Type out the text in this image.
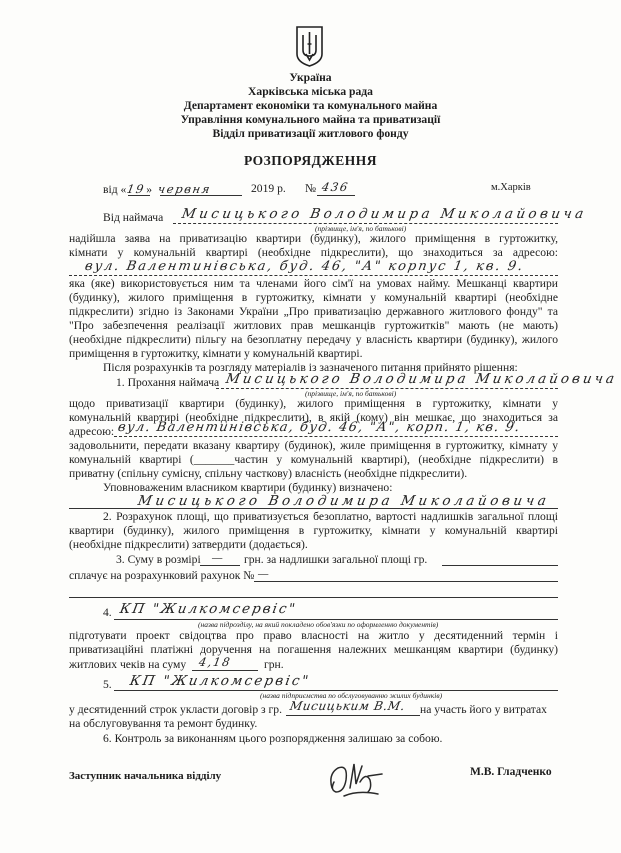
Україна
Харківська міська рада
Департамент економіки та комунального майна
Управління комунального майна та приватизації
Відділ приватизації житлового фонду
РОЗПОРЯДЖЕННЯ
від «19» червня	2019 р. № 436	м.Харків
Від наймача Мисицького Володимира Миколайовича
(прізвище, ім'я, по батькові)
надійшла заява на приватизацію квартири (будинку), жилого приміщення в гуртожитку,
кімнати у комунальній квартирі (необхідне підкреслити), що знаходиться за адресою:
вул. Валентинівська, буд. 46, "А" корпус 1, кв. 9.
яка (яке) використовується ним та членами його сім'ї на умовах найму. Мешканці квартири
(будинку), жилого приміщення в гуртожитку, кімнати у комунальній квартирі (необхідне
підкреслити) згідно із Законами України „Про приватизацію державного житлового фонду" та
"Про забезпечення реалізації житлових прав мешканців гуртожитків" мають (не мають)
(необхідне підкреслити) пільгу на безоплатну передачу у власність квартири (будинку), жилого
приміщення в гуртожитку, кімнати у комунальній квартирі.
Після розрахунків та розгляду матеріалів із зазначеного питання прийнято рішення:
1. Прохання наймача Мисицького Володимира Миколайовича
(прізвище, ім'я, по батькові)
щодо приватизації квартири (будинку), жилого приміщення в гуртожитку, кімнати у
комунальній квартирі (необхідне підкреслити), в якій (кому) він мешкає, що знаходиться за
адресою: вул. Валентинівська, буд. 46, "А", корп. 1, кв. 9.
задовольнити, передати вказану квартиру (будинок), жиле приміщення в гуртожитку, кімнату у
комунальній квартирі (_______частин у комунальній квартирі), (необхідне підкреслити) в
приватну (спільну сумісну, спільну часткову) власність (необхідне підкреслити).
Уповноваженим власником квартири (будинку) визначено:
Мисицького Володимира Миколайовича
2. Розрахунок площі, що приватизується безоплатно, вартості надлишків загальної площі
квартири (будинку), жилого приміщення в гуртожитку, кімнати у комунальній квартирі
(необхідне підкреслити) затвердити (додається).
3. Суму в розмірі — грн. за надлишки загальної площі гр.
сплачує на розрахунковий рахунок № —
4. КП "Жилкомсервіс"
(назва підрозділу, на який покладено обов'язки по оформленню документів)
підготувати проект свідоцтва про право власності на житло у десятиденний термін і
приватизаційні платіжні доручення на погашення належних мешканцям квартири (будинку)
житлових чеків на суму 4,18	грн.
5. КП "Жилкомсервіс"
(назва підприємства по обслуговуванню жилих будинків)
у десятиденний строк укласти договір з гр. Мисицьким В.М. на участь його у витратах
на обслуговування та ремонт будинку.
6. Контроль за виконанням цього розпорядження залишаю за собою.
Заступник начальника відділу	М.В. Гладченко
